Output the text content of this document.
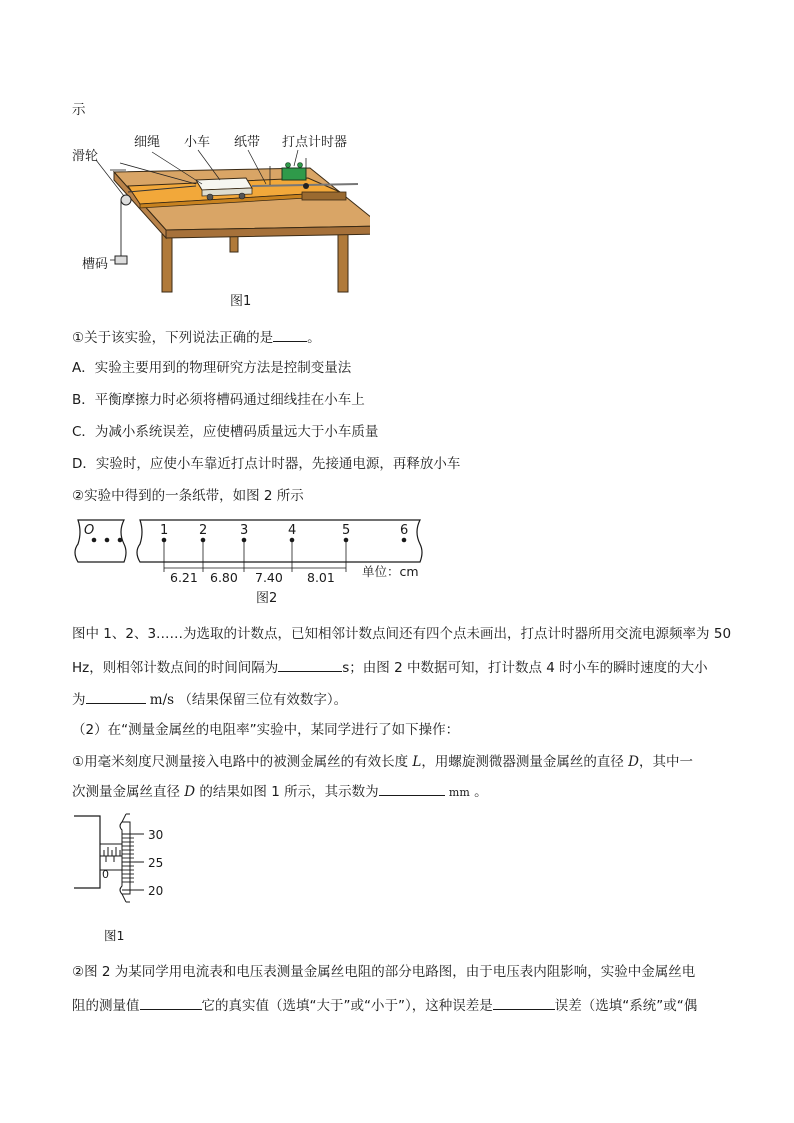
示
细绳 小车 纸带 打点计时器
滑轮
槽码
图1
①关于该实验，下列说法正确的是	。
A．实验主要用到的物理研究方法是控制变量法
B．平衡摩擦力时必须将槽码通过细线挂在小车上
C．为减小系统误差，应使槽码质量远大于小车质量
D．实验时，应使小车靠近打点计时器，先接通电源，再释放小车
②实验中得到的一条纸带，如图 2 所示
O	1 2	3	4	5	6
6.21 6.80 7.40 8.01 单位：cm
图2
图中 1、2、3……为选取的计数点，已知相邻计数点间还有四个点未画出，打点计时器所用交流电源频率为 50
Hz，则相邻计数点间的时间间隔为	s；由图 2 中数据可知，打计数点 4 时小车的瞬时速度的大小
为	m/s （结果保留三位有效数字）。
（2）在“测量金属丝的电阻率”实验中，某同学进行了如下操作：
①用毫米刻度尺测量接入电路中的被测金属丝的有效长度 L，用螺旋测微器测量金属丝的直径 D，其中一
次测量金属丝直径 D 的结果如图 1 所示，其示数为	mm 。
0
30
25
20
图1
②图 2 为某同学用电流表和电压表测量金属丝电阻的部分电路图，由于电压表内阻影响，实验中金属丝电
阻的测量值	它的真实值（选填“大于”或“小于”），这种误差是	误差（选填“系统”或“偶
